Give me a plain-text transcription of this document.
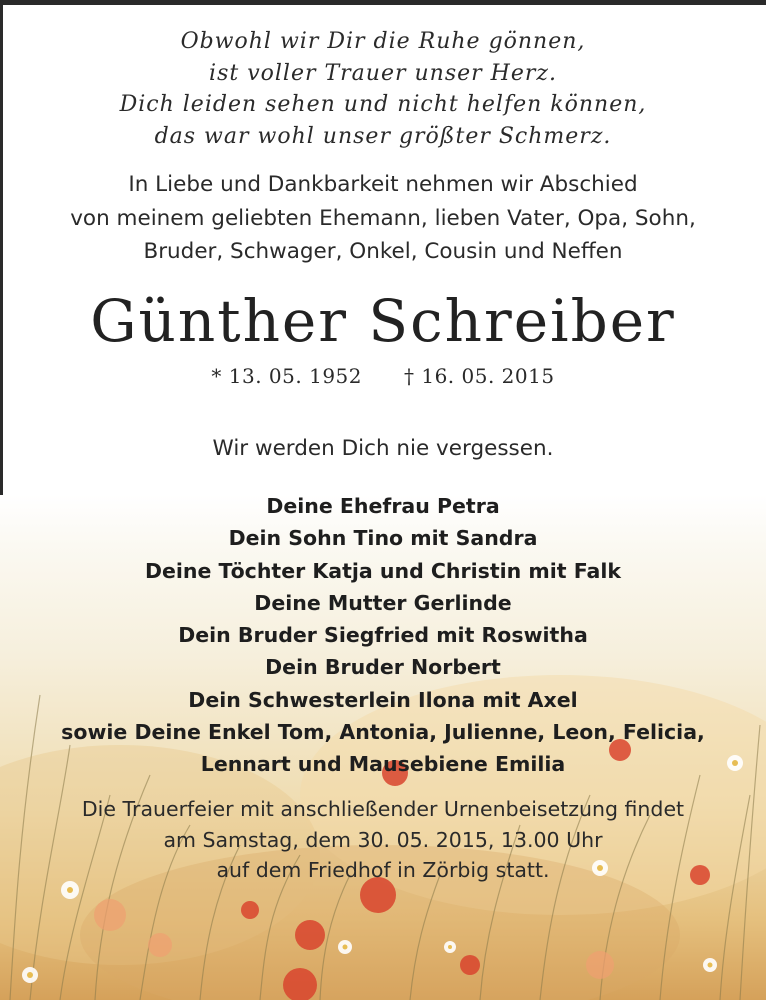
Obwohl wir Dir die Ruhe gönnen,
ist voller Trauer unser Herz.
Dich leiden sehen und nicht helfen können,
das war wohl unser größter Schmerz.
In Liebe und Dankbarkeit nehmen wir Abschied
von meinem geliebten Ehemann, lieben Vater, Opa, Sohn,
Bruder, Schwager, Onkel, Cousin und Neffen
Günther Schreiber
* 13. 05. 1952 † 16. 05. 2015
Wir werden Dich nie vergessen.
Deine Ehefrau Petra
Dein Sohn Tino mit Sandra
Deine Töchter Katja und Christin mit Falk
Deine Mutter Gerlinde
Dein Bruder Siegfried mit Roswitha
Dein Bruder Norbert
Dein Schwesterlein Ilona mit Axel
sowie Deine Enkel Tom, Antonia, Julienne, Leon, Felicia,
Lennart und Mausebiene Emilia
Die Trauerfeier mit anschließender Urnenbeisetzung findet
am Samstag, dem 30. 05. 2015, 13.00 Uhr
auf dem Friedhof in Zörbig statt.
